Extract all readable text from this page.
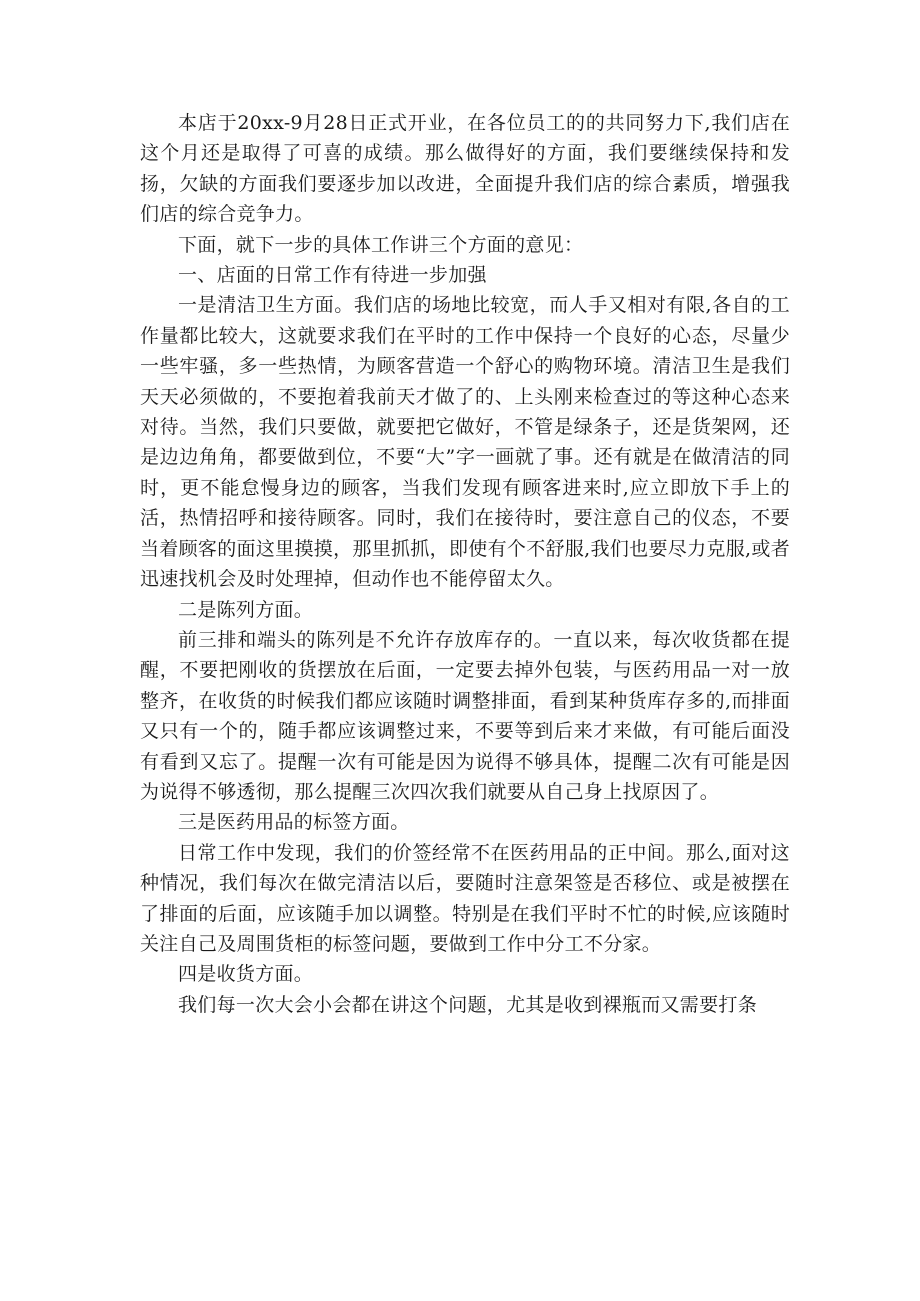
本店于20xx-9月28日正式开业，在各位员工的的共同努力下,我们店在这个月还是取得了可喜的成绩。那么做得好的方面，我们要继续保持和发扬，欠缺的方面我们要逐步加以改进，全面提升我们店的综合素质，增强我们店的综合竞争力。

下面，就下一步的具体工作讲三个方面的意见：

一、店面的日常工作有待进一步加强

一是清洁卫生方面。我们店的场地比较宽，而人手又相对有限,各自的工作量都比较大，这就要求我们在平时的工作中保持一个良好的心态，尽量少一些牢骚，多一些热情，为顾客营造一个舒心的购物环境。清洁卫生是我们天天必须做的，不要抱着我前天才做了的、上头刚来检查过的等这种心态来对待。当然，我们只要做，就要把它做好，不管是绿条子，还是货架网，还是边边角角，都要做到位，不要“大”字一画就了事。还有就是在做清洁的同时，更不能怠慢身边的顾客，当我们发现有顾客进来时,应立即放下手上的活，热情招呼和接待顾客。同时，我们在接待时，要注意自己的仪态，不要当着顾客的面这里摸摸，那里抓抓，即使有个不舒服,我们也要尽力克服,或者迅速找机会及时处理掉，但动作也不能停留太久。

二是陈列方面。

前三排和端头的陈列是不允许存放库存的。一直以来，每次收货都在提醒，不要把刚收的货摆放在后面，一定要去掉外包装，与医药用品一对一放整齐，在收货的时候我们都应该随时调整排面，看到某种货库存多的,而排面又只有一个的，随手都应该调整过来，不要等到后来才来做，有可能后面没有看到又忘了。提醒一次有可能是因为说得不够具体，提醒二次有可能是因为说得不够透彻，那么提醒三次四次我们就要从自己身上找原因了。

三是医药用品的标签方面。

日常工作中发现，我们的价签经常不在医药用品的正中间。那么,面对这种情况，我们每次在做完清洁以后，要随时注意架签是否移位、或是被摆在了排面的后面，应该随手加以调整。特别是在我们平时不忙的时候,应该随时关注自己及周围货柜的标签问题，要做到工作中分工不分家。

四是收货方面。

我们每一次大会小会都在讲这个问题，尤其是收到裸瓶而又需要打条
